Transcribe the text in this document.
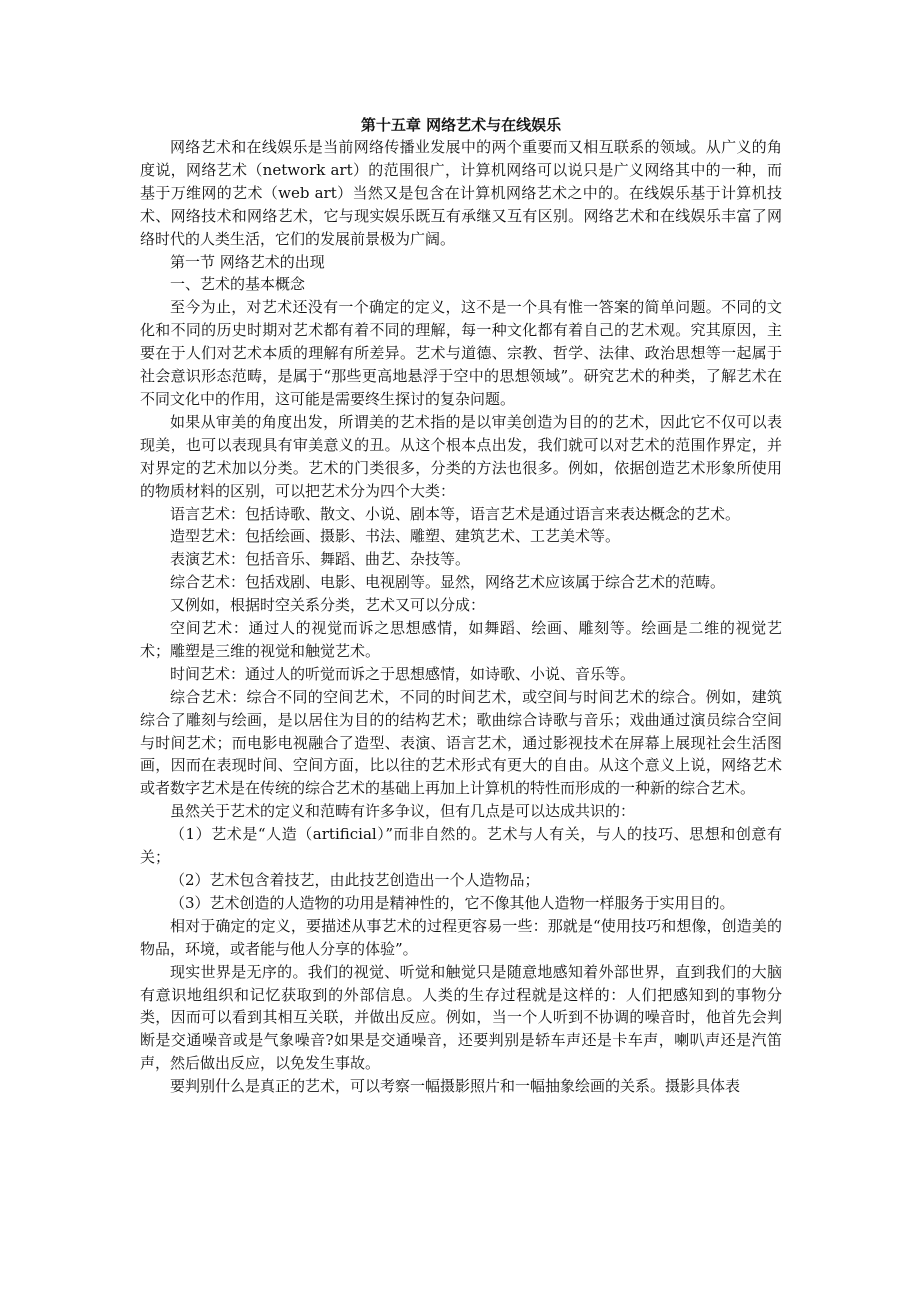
第十五章 网络艺术与在线娱乐

网络艺术和在线娱乐是当前网络传播业发展中的两个重要而又相互联系的领域。从广义的角度说，网络艺术（network art）的范围很广，计算机网络可以说只是广义网络其中的一种，而基于万维网的艺术（web art）当然又是包含在计算机网络艺术之中的。在线娱乐基于计算机技术、网络技术和网络艺术，它与现实娱乐既互有承继又互有区别。网络艺术和在线娱乐丰富了网络时代的人类生活，它们的发展前景极为广阔。

第一节 网络艺术的出现

一、艺术的基本概念

至今为止，对艺术还没有一个确定的定义，这不是一个具有惟一答案的简单问题。不同的文化和不同的历史时期对艺术都有着不同的理解，每一种文化都有着自己的艺术观。究其原因，主要在于人们对艺术本质的理解有所差异。艺术与道德、宗教、哲学、法律、政治思想等一起属于社会意识形态范畴，是属于“那些更高地悬浮于空中的思想领域”。研究艺术的种类，了解艺术在不同文化中的作用，这可能是需要终生探讨的复杂问题。

如果从审美的角度出发，所谓美的艺术指的是以审美创造为目的的艺术，因此它不仅可以表现美，也可以表现具有审美意义的丑。从这个根本点出发，我们就可以对艺术的范围作界定，并对界定的艺术加以分类。艺术的门类很多，分类的方法也很多。例如，依据创造艺术形象所使用的物质材料的区别，可以把艺术分为四个大类：

语言艺术：包括诗歌、散文、小说、剧本等，语言艺术是通过语言来表达概念的艺术。

造型艺术：包括绘画、摄影、书法、雕塑、建筑艺术、工艺美术等。

表演艺术：包括音乐、舞蹈、曲艺、杂技等。

综合艺术：包括戏剧、电影、电视剧等。显然，网络艺术应该属于综合艺术的范畴。

又例如，根据时空关系分类，艺术又可以分成：

空间艺术：通过人的视觉而诉之思想感情，如舞蹈、绘画、雕刻等。绘画是二维的视觉艺术；雕塑是三维的视觉和触觉艺术。

时间艺术：通过人的听觉而诉之于思想感情，如诗歌、小说、音乐等。

综合艺术：综合不同的空间艺术，不同的时间艺术，或空间与时间艺术的综合。例如，建筑综合了雕刻与绘画，是以居住为目的的结构艺术；歌曲综合诗歌与音乐；戏曲通过演员综合空间与时间艺术；而电影电视融合了造型、表演、语言艺术，通过影视技术在屏幕上展现社会生活图画，因而在表现时间、空间方面，比以往的艺术形式有更大的自由。从这个意义上说，网络艺术或者数字艺术是在传统的综合艺术的基础上再加上计算机的特性而形成的一种新的综合艺术。

虽然关于艺术的定义和范畴有许多争议，但有几点是可以达成共识的：

（1）艺术是“人造（artificial）”而非自然的。艺术与人有关，与人的技巧、思想和创意有关；

（2）艺术包含着技艺，由此技艺创造出一个人造物品；

（3）艺术创造的人造物的功用是精神性的，它不像其他人造物一样服务于实用目的。

相对于确定的定义，要描述从事艺术的过程更容易一些：那就是“使用技巧和想像，创造美的物品，环境，或者能与他人分享的体验”。

现实世界是无序的。我们的视觉、听觉和触觉只是随意地感知着外部世界，直到我们的大脑有意识地组织和记忆获取到的外部信息。人类的生存过程就是这样的：人们把感知到的事物分类，因而可以看到其相互关联，并做出反应。例如，当一个人听到不协调的噪音时，他首先会判断是交通噪音或是气象噪音?如果是交通噪音，还要判别是轿车声还是卡车声，喇叭声还是汽笛声，然后做出反应，以免发生事故。

要判别什么是真正的艺术，可以考察一幅摄影照片和一幅抽象绘画的关系。摄影具体表
